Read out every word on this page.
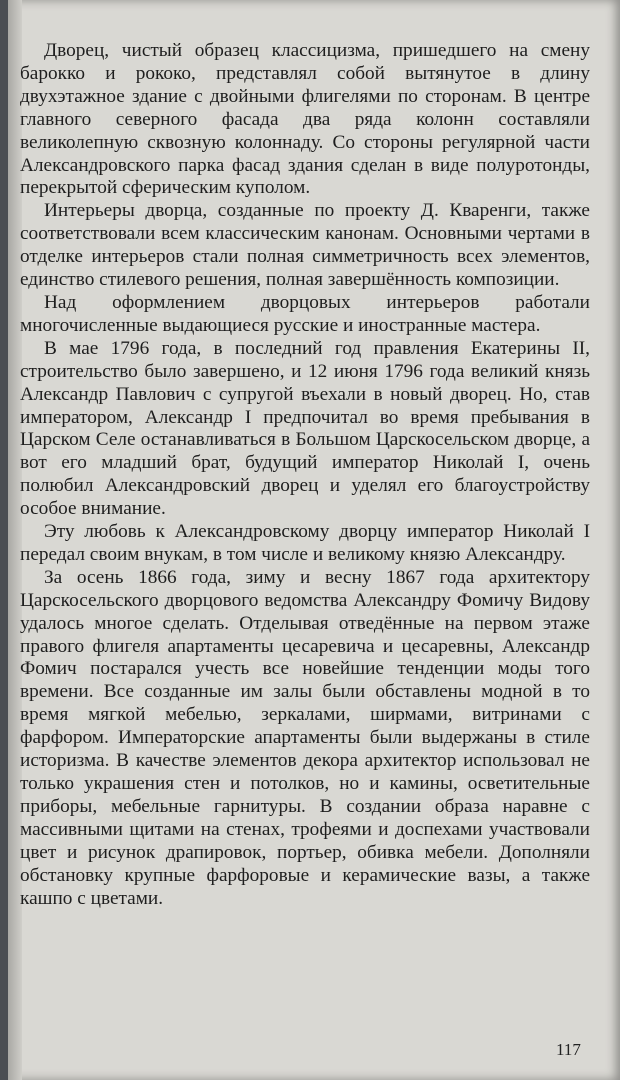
Дворец, чистый образец классицизма, пришедшего на смену барокко и рококо, представлял собой вытянутое в длину двухэтажное здание с двойными флигелями по сторонам. В центре главного северного фасада два ряда колонн составляли великолепную сквозную колоннаду. Со стороны регулярной части Александровского парка фасад здания сделан в виде полуротонды, перекрытой сферическим куполом.

Интерьеры дворца, созданные по проекту Д. Кваренги, также соответствовали всем классическим канонам. Основными чертами в отделке интерьеров стали полная симметричность всех элементов, единство стилевого решения, полная завершённость композиции.

Над оформлением дворцовых интерьеров работали многочисленные выдающиеся русские и иностранные мастера.

В мае 1796 года, в последний год правления Екатерины II, строительство было завершено, и 12 июня 1796 года великий князь Александр Павлович с супругой въехали в новый дворец. Но, став императором, Александр I предпочитал во время пребывания в Царском Селе останавливаться в Большом Царскосельском дворце, а вот его младший брат, будущий император Николай I, очень полюбил Александровский дворец и уделял его благоустройству особое внимание.

Эту любовь к Александровскому дворцу император Николай I передал своим внукам, в том числе и великому князю Александру.

За осень 1866 года, зиму и весну 1867 года архитектору Царскосельского дворцового ведомства Александру Фомичу Видову удалось многое сделать. Отделывая отведённые на первом этаже правого флигеля апартаменты цесаревича и цесаревны, Александр Фомич постарался учесть все новейшие тенденции моды того времени. Все созданные им залы были обставлены модной в то время мягкой мебелью, зеркалами, ширмами, витринами с фарфором. Императорские апартаменты были выдержаны в стиле историзма. В качестве элементов декора архитектор использовал не только украшения стен и потолков, но и камины, осветительные приборы, мебельные гарнитуры. В создании образа наравне с массивными щитами на стенах, трофеями и доспехами участвовали цвет и рисунок драпировок, портьер, обивка мебели. Дополняли обстановку крупные фарфоровые и керамические вазы, а также кашпо с цветами.

117
